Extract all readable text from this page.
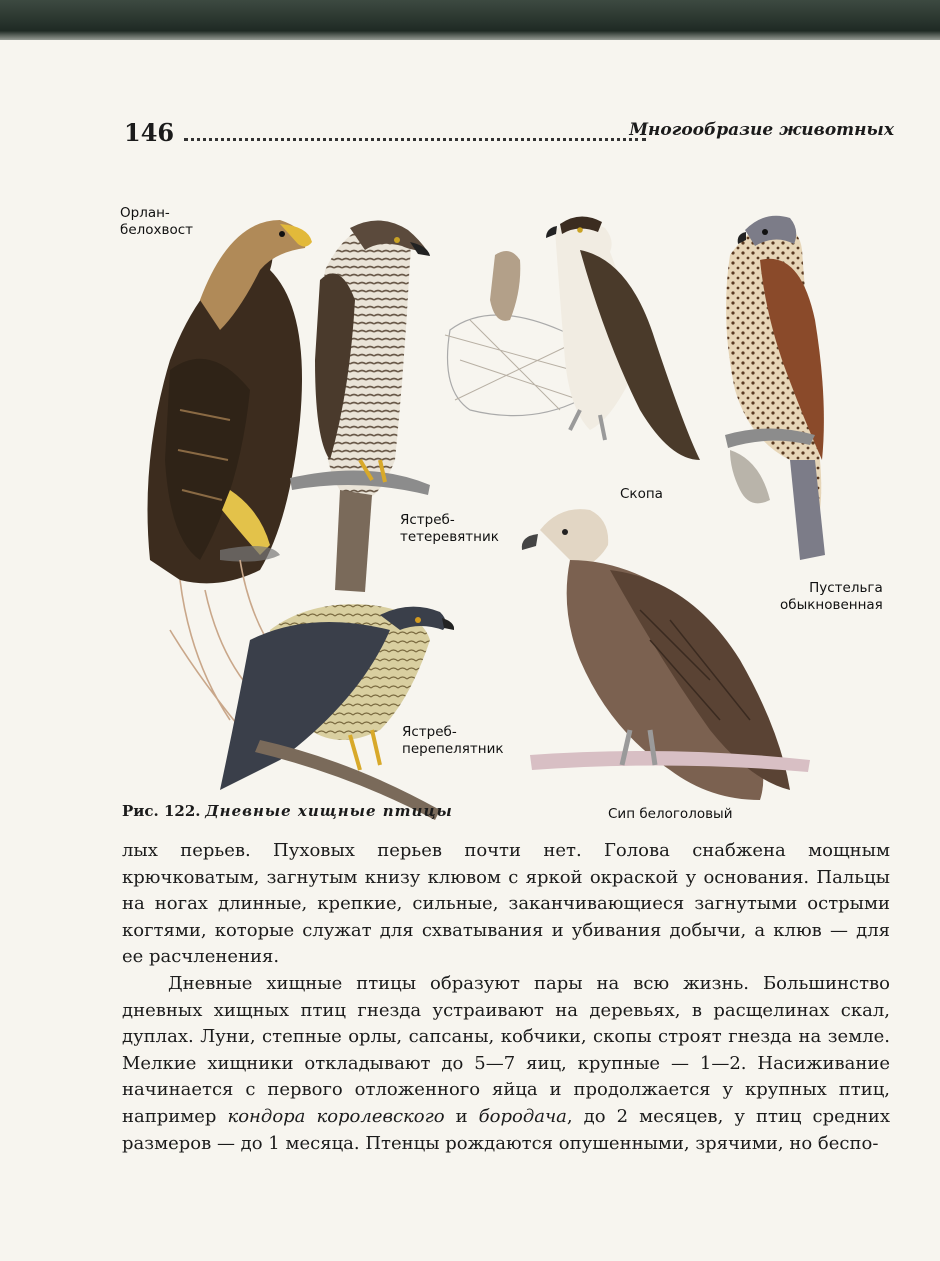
146	Многообразие животных
Орлан-
белохвост
Ястреб-
тетеревятник
Скопа
Пустельга
обыкновенная
Ястреб-
перепелятник
Сип белоголовый
Рис. 122. Дневные хищные птицы

лых перьев. Пуховых перьев почти нет. Голова снабжена мощным крючковатым, загнутым книзу клювом с яркой окраской у основания. Пальцы на ногах длинные, крепкие, сильные, заканчивающиеся загнутыми острыми когтями, которые служат для схватывания и убивания добычи, а клюв — для ее расчленения.

Дневные хищные птицы образуют пары на всю жизнь. Большинство дневных хищных птиц гнезда устраивают на деревьях, в расщелинах скал, дуплах. Луни, степные орлы, сапсаны, кобчики, скопы строят гнезда на земле. Мелкие хищники откладывают до 5—7 яиц, крупные — 1—2. Насиживание начинается с первого отложенного яйца и продолжается у крупных птиц, например кондора королевского и бородача, до 2 месяцев, у птиц средних размеров — до 1 месяца. Птенцы рождаются опушенными, зрячими, но беспо-
